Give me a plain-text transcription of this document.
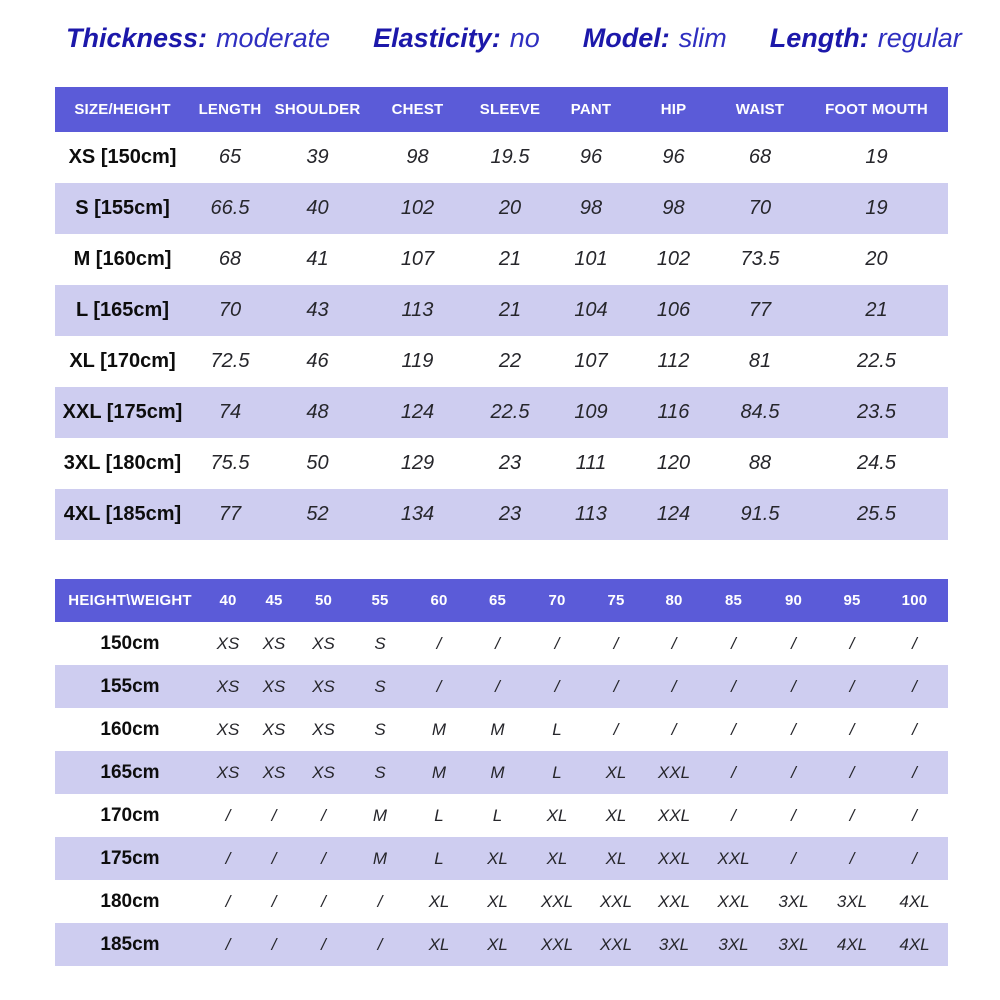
Thickness: moderate Elasticity: no Model: slim Length: regular
SIZE/HEIGHT	LENGTH	SHOULDER	CHEST	SLEEVE	PANT	HIP	WAIST	FOOT MOUTH
XS [150cm]	65	39	98	19.5	96	96	68	19
S [155cm]	66.5	40	102	20	98	98	70	19
M [160cm]	68	41	107	21	101	102	73.5	20
L [165cm]	70	43	113	21	104	106	77	21
XL [170cm]	72.5	46	119	22	107	112	81	22.5
XXL [175cm]	74	48	124	22.5	109	116	84.5	23.5
3XL [180cm]	75.5	50	129	23	111	120	88	24.5
4XL [185cm]	77	52	134	23	113	124	91.5	25.5
HEIGHT\WEIGHT	40	45	50	55	60	65	70	75	80	85	90	95	100
150cm	XS	XS	XS	S	/	/	/	/	/	/	/	/	/
155cm	XS	XS	XS	S	/	/	/	/	/	/	/	/	/
160cm	XS	XS	XS	S	M	M	L	/	/	/	/	/	/
165cm	XS	XS	XS	S	M	M	L	XL	XXL	/	/	/	/
170cm	/	/	/	M	L	L	XL	XL	XXL	/	/	/	/
175cm	/	/	/	M	L	XL	XL	XL	XXL	XXL	/	/	/
180cm	/	/	/	/	XL	XL	XXL	XXL	XXL	XXL	3XL	3XL	4XL
185cm	/	/	/	/	XL	XL	XXL	XXL	3XL	3XL	3XL	4XL	4XL
